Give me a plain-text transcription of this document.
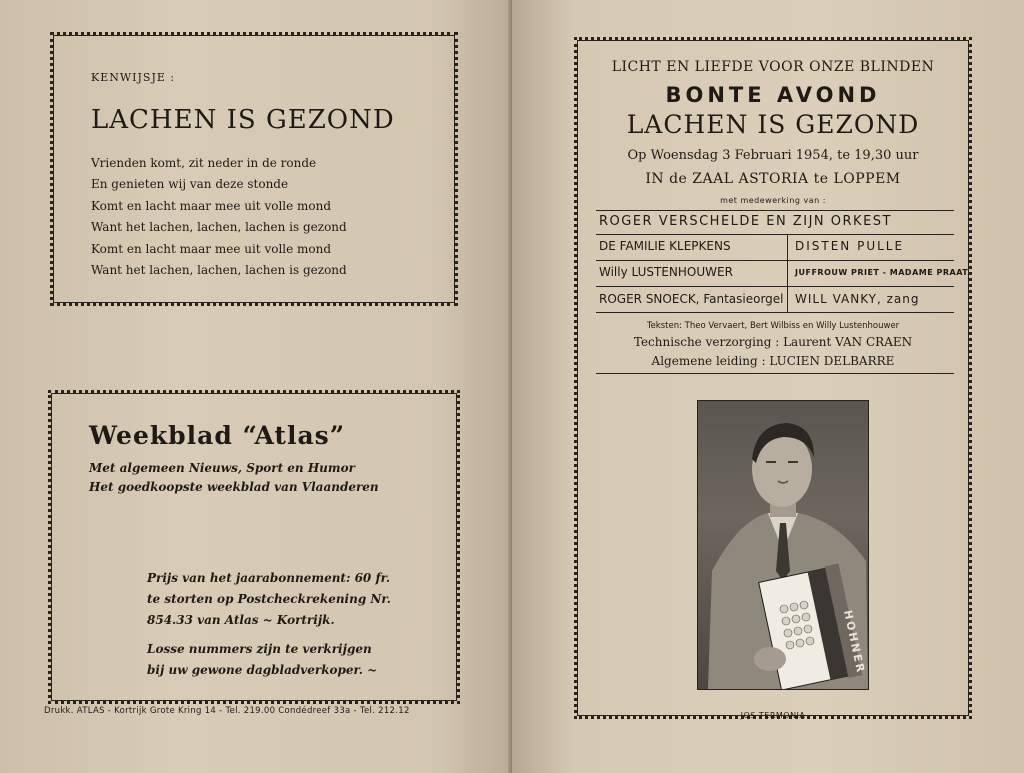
KENWIJSJE :
LACHEN IS GEZOND
Vrienden komt, zit neder in de ronde
En genieten wij van deze stonde
Komt en lacht maar mee uit volle mond
Want het lachen, lachen, lachen is gezond
Komt en lacht maar mee uit volle mond
Want het lachen, lachen, lachen is gezond
Weekblad “Atlas”
Met algemeen Nieuws, Sport en Humor
Het goedkoopste weekblad van Vlaanderen
Prijs van het jaarabonnement: 60 fr.
te storten op Postcheckrekening Nr.
854.33 van Atlas ~ Kortrijk.
Losse nummers zijn te verkrijgen
bij uw gewone dagbladverkoper. ~
Drukk. ATLAS - Kortrijk Grote Kring 14 - Tel. 219.00 Condédreef 33a - Tel. 212.12
LICHT EN LIEFDE VOOR ONZE BLINDEN
BONTE AVOND
LACHEN IS GEZOND
Op Woensdag 3 Februari 1954, te 19,30 uur
IN de ZAAL ASTORIA te LOPPEM
met medewerking van :
ROGER VERSCHELDE EN ZIJN ORKEST
DE FAMILIE KLEPKENS	DISTEN PULLE
Willy LUSTENHOUWER	JUFFROUW PRIET - MADAME PRAAT
ROGER SNOECK, Fantasieorgel WILL VANKY, zang
Teksten: Theo Vervaert, Bert Wilbiss en Willy Lustenhouwer
Technische verzorging : Laurent VAN CRAEN
Algemene leiding : LUCIEN DELBARRE
HOHNER
JOS TERMONIA
